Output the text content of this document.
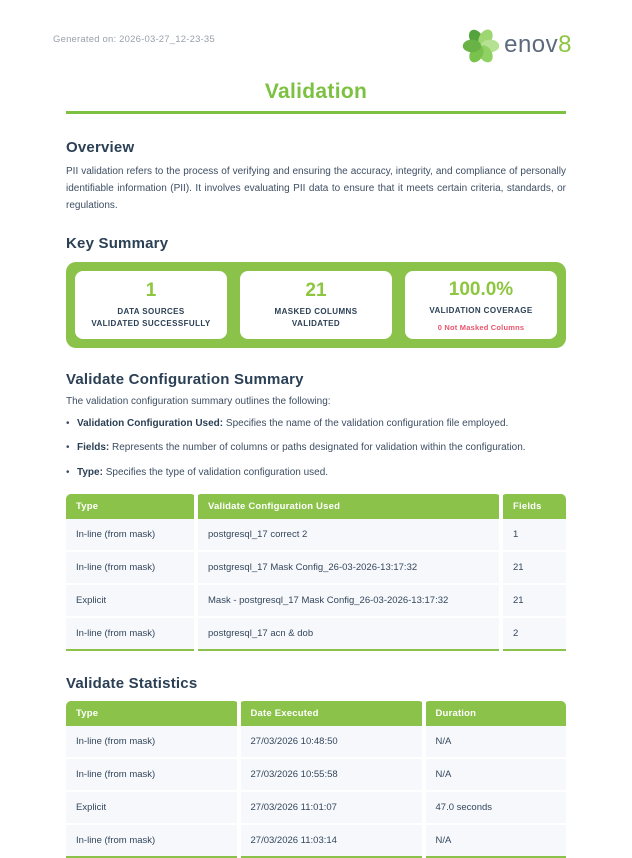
Generated on: 2026-03-27_12-23-35	enov8
Validation
Overview

PII validation refers to the process of verifying and ensuring the accuracy, integrity, and compliance of personally identifiable information (PII). It involves evaluating PII data to ensure that it meets certain criteria, standards, or regulations.

Key Summary
1
DATA SOURCES
VALIDATED SUCCESSFULLY
21
MASKED COLUMNS
VALIDATED
100.0%
VALIDATION COVERAGE
0 Not Masked Columns
Validate Configuration Summary

The validation configuration summary outlines the following:

• Validation Configuration Used: Specifies the name of the validation configuration file employed.
• Fields: Represents the number of columns or paths designated for validation within the configuration.
• Type: Specifies the type of validation configuration used.
Type	Validate Configuration Used	Fields
In-line (from mask)	postgresql_17 correct 2	1
In-line (from mask)	postgresql_17 Mask Config_26-03-2026-13:17:32	21
Explicit	Mask - postgresql_17 Mask Config_26-03-2026-13:17:32	21
In-line (from mask)	postgresql_17 acn & dob	2
Validate Statistics
Type	Date Executed	Duration
In-line (from mask)	27/03/2026 10:48:50	N/A
In-line (from mask)	27/03/2026 10:55:58	N/A
Explicit	27/03/2026 11:01:07	47.0 seconds
In-line (from mask)	27/03/2026 11:03:14	N/A
